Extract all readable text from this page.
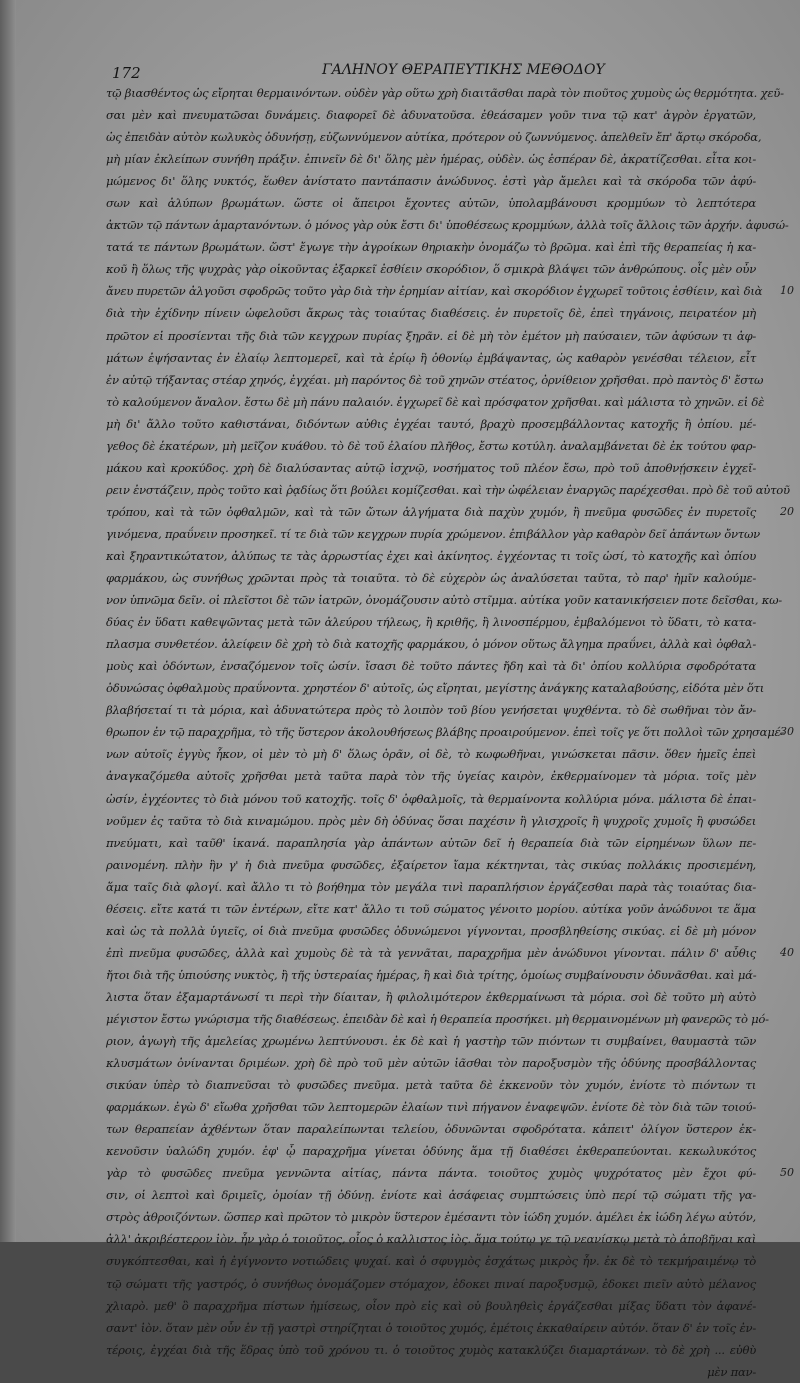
172	ΓΑΛΗΝΟΥ ΘΕΡΑΠΕΥΤΙΚΗΣ ΜΕΘΟΔΟΥ
τῷ βιασθέντος ὡς εἴρηται θερμαινόντων. οὐδὲν γὰρ οὕτω χρὴ διαιτᾶσθαι παρὰ τὸν πιοῦτος χυμοὺς ὡς θερμότητα. χεῦ-
σαι μὲν καὶ πνευματῶσαι δυνάμεις. διαφορεῖ δὲ ἀδυνατοῦσα. ἐθεάσαμεν γοῦν τινα τῷ κατ' ἀγρὸν ἐργατῶν,
ὡς ἐπειδὰν αὐτὸν κωλυκὸς ὀδυνήσῃ, εὐζωννύμενον αὐτίκα, πρότερον οὐ ζωννύμενος. ἀπελθεῖν ἔπ' ἄρτῳ σκόροδα,
μὴ μίαν ἐκλείπων συνήθη πράξιν. ἐπινεῖν δὲ δι' ὅλης μὲν ἡμέρας, οὐδὲν. ὡς ἐσπέραν δὲ, ἀκρατίζεσθαι. εἶτα κοι-
μώμενος δι' ὅλης νυκτός, ἕωθεν ἀνίστατο παντάπασιν ἀνώδυνος. ἐστὶ γὰρ ἄμελει καὶ τὰ σκόροδα τῶν ἀφύ-
σων καὶ ἀλύπων βρωμάτων. ὥστε οἱ ἄπειροι ἔχοντες αὐτῶν, ὑπολαμβάνουσι κρομμύων τὸ λεπτότερα
ἀκτῶν τῷ πάντων ἁμαρτανόντων. ὁ μόνος γὰρ οὐκ ἔστι δι' ὑποθέσεως κρομμύων, ἀλλὰ τοῖς ἄλλοις τῶν ἀρχήν. ἀφυσώ-
τατά τε πάντων βρωμάτων. ὥστ' ἔγωγε τὴν ἀγροίκων θηριακὴν ὀνομάζω τὸ βρῶμα. καὶ ἐπὶ τῆς θεραπείας ἡ κα-
κοῦ ἢ ὅλως τῆς ψυχρὰς γὰρ οἰκοῦντας ἐξαρκεῖ ἐσθίειν σκορόδιον, ὅ σμικρὰ βλάψει τῶν ἀνθρώπους. οἷς μὲν οὖν
ἄνευ πυρετῶν ἀλγοῦσι σφοδρῶς τοῦτο γὰρ διὰ τὴν ἐρημίαν αἰτίαν, καὶ σκορόδιον ἐγχωρεῖ τοῦτοις ἐσθίειν, καὶ διὰ
διὰ τὴν ἐχίδνην πίνειν ὠφελοῦσι ἄκρως τὰς τοιαύτας διαθέσεις. ἐν πυρετοῖς δὲ, ἐπεὶ τηγάνοις, πειρατέον μὴ
πρῶτον εἰ προσίενται τῆς διὰ τῶν κεγχρων πυρίας ξηρᾶν. εἰ δὲ μὴ τὸν ἐμέτον μὴ παύσαιεν, τῶν ἀφύσων τι ἀφ-
μάτων ἐψήσαντας ἐν ἐλαίῳ λεπτομερεῖ, καὶ τὰ ἐρίῳ ἢ ὀθονίῳ ἐμβάψαντας, ὡς καθαρὸν γενέσθαι τέλειον, εἶτ
ἐν αὐτῷ τήξαντας στέαρ χηνός, ἐγχέαι. μὴ παρόντος δὲ τοῦ χηνῶν στέατος, ὀρνίθειον χρῆσθαι. πρὸ παντὸς δ' ἔστω
τὸ καλούμενον ἄναλον. ἔστω δὲ μὴ πάνυ παλαιόν. ἐγχωρεῖ δὲ καὶ πρόσφατον χρῆσθαι. καὶ μάλιστα τὸ χηνῶν. εἰ δὲ
μὴ δι' ἄλλο τοῦτο καθιστάναι, διδόντων αὐθις ἐγχέαι ταυτό, βραχὺ προσεμβάλλοντας κατοχῆς ἢ ὀπίου. μέ-
γεθος δὲ ἑκατέρων, μὴ μεῖζον κυάθου. τὸ δὲ τοῦ ἐλαίου πλῆθος, ἔστω κοτύλη. ἀναλαμβάνεται δὲ ἐκ τούτου φαρ-
μάκου καὶ κροκύδος. χρὴ δὲ διαλύσαντας αὐτῷ ἰσχνῷ, νοσήματος τοῦ πλέον ἔσω, πρὸ τοῦ ἀποθνῄσκειν ἐγχεῖ-
ρειν ἐνστάζειν, πρὸς τοῦτο καὶ ῥᾳδίως ὅτι βούλει κομίζεσθαι. καὶ τὴν ὠφέλειαν ἐναργῶς παρέχεσθαι. πρὸ δὲ τοῦ αὐτοῦ
τρόπου, καὶ τὰ τῶν ὀφθαλμῶν, καὶ τὰ τῶν ὤτων ἀλγήματα διὰ παχὺν χυμόν, ἢ πνεῦμα φυσῶδες ἐν πυρετοῖς
γινόμενα, πραΰνειν προσηκεῖ. τί τε διὰ τῶν κεγχρων πυρία χρώμενον. ἐπιβάλλον γὰρ καθαρὸν δεῖ ἀπάντων ὄντων
καὶ ξηραντικώτατον, ἀλύπως τε τὰς ἀρρωστίας ἐχει καὶ ἀκίνητος. ἐγχέοντας τι τοῖς ὠσί, τὸ κατοχῆς καὶ ὀπίου
φαρμάκου, ὡς συνήθως χρῶνται πρὸς τὰ τοιαῦτα. τὸ δὲ εὐχερὸν ὡς ἀναλύσεται ταῦτα, τὸ παρ' ἡμῖν καλούμε-
νον ὑπνῶμα δεῖν. οἱ πλεῖστοι δὲ τῶν ἰατρῶν, ὀνομάζουσιν αὐτὸ στῖμμα. αὐτίκα γοῦν κατανικήσειεν ποτε δεῖσθαι, κω-
δύας ἐν ὕδατι καθεψῶντας μετὰ τῶν ἀλεύρου τήλεως, ἢ κριθῆς, ἢ λινοσπέρμου, ἐμβαλόμενοι τὸ ὕδατι, τὸ κατα-
πλασμα συνθετέον. ἀλείφειν δὲ χρὴ τὸ διὰ κατοχῆς φαρμάκου, ὁ μόνον οὕτως ἄλγημα πραΰνει, ἀλλὰ καὶ ὀφθαλ-
μοὺς καὶ ὀδόντων, ἐνσαζόμενον τοῖς ὠσίν. ἴσασι δὲ τοῦτο πάντες ἤδη καὶ τὰ δι' ὀπίου κολλύρια σφοδρότατα
ὀδυνώσας ὀφθαλμοὺς πραΰνοντα. χρηστέον δ' αὐτοῖς, ὡς εἴρηται, μεγίστης ἀνάγκης καταλαβούσης, εἰδότα μὲν ὅτι
βλαβήσεταί τι τὰ μόρια, καὶ ἀδυνατώτερα πρὸς τὸ λοιπὸν τοῦ βίου γενήσεται ψυχθέντα. τὸ δὲ σωθῆναι τὸν ἄν-
θρωπον ἐν τῷ παραχρῆμα, τὸ τῆς ὕστερον ἀκολουθήσεως βλάβης προαιρούμενον. ἐπεὶ τοῖς γε ὅτι πολλοὶ τῶν χρησαμέ-
νων αὐτοῖς ἐγγὺς ἧκον, οἱ μὲν τὸ μὴ δ' ὅλως ὁρᾶν, οἱ δὲ, τὸ κωφωθῆναι, γινώσκεται πᾶσιν. ὅθεν ἡμεῖς ἐπεὶ
ἀναγκαζόμεθα αὐτοῖς χρῆσθαι μετὰ ταῦτα παρὰ τὸν τῆς ὑγείας καιρὸν, ἐκθερμαίνομεν τὰ μόρια. τοῖς μὲν
ὠσίν, ἐγχέοντες τὸ διὰ μόνου τοῦ κατοχῆς. τοῖς δ' ὀφθαλμοῖς, τὰ θερμαίνοντα κολλύρια μόνα. μάλιστα δὲ ἐπαι-
νοῦμεν ἐς ταῦτα τὸ διὰ κιναμώμου. πρὸς μὲν δὴ ὀδύνας ὅσαι παχέσιν ἢ γλισχροῖς ἢ ψυχροῖς χυμοῖς ἢ φυσώδει
πνεύματι, καὶ ταῦθ' ἱκανά. παραπλησία γὰρ ἁπάντων αὐτῶν δεῖ ἡ θεραπεία διὰ τῶν εἰρημένων ὕλων πε-
ραινομένη. πλὴν ἣν γ' ἡ διὰ πνεῦμα φυσῶδες, ἐξαίρετον ἴαμα κέκτηνται, τὰς σικύας πολλάκις προσιεμένη,
ἅμα ταῖς διὰ φλογί. καὶ ἄλλο τι τὸ βοήθημα τὸν μεγάλα τινὶ παραπλήσιον ἐργάζεσθαι παρὰ τὰς τοιαύτας δια-
θέσεις. εἴτε κατά τι τῶν ἐντέρων, εἴτε κατ' ἄλλο τι τοῦ σώματος γένοιτο μορίου. αὐτίκα γοῦν ἀνώδυνοι τε ἅμα
καὶ ὡς τὰ πολλὰ ὑγιεῖς, οἱ διὰ πνεῦμα φυσῶδες ὀδυνώμενοι γίγνονται, προσβληθείσης σικύας. εἰ δὲ μὴ μόνον
ἐπὶ πνεῦμα φυσῶδες, ἀλλὰ καὶ χυμοὺς δὲ τὰ τὰ γεννᾶται, παραχρῆμα μὲν ἀνώδυνοι γίνονται. πάλιν δ' αὖθις
ἤτοι διὰ τῆς ὑπιούσης νυκτὸς, ἢ τῆς ὑστεραίας ἡμέρας, ἢ καὶ διὰ τρίτης, ὁμοίως συμβαίνουσιν ὀδυνᾶσθαι. καὶ μά-
λιστα ὅταν ἐξαμαρτάνωσί τι περὶ τὴν δίαιταν, ἢ φιλολιμότερον ἐκθερμαίνωσι τὰ μόρια. σοὶ δὲ τοῦτο μὴ αὐτὸ
μέγιστον ἔστω γνώρισμα τῆς διαθέσεως. ἐπειδὰν δὲ καὶ ἡ θεραπεία προσήκει. μὴ θερμαινομένων μὴ φανερῶς τὸ μό-
ριον, ἀγωγὴ τῆς ἀμελείας χρωμένω λεπτύνουσι. ἐκ δὲ καὶ ἡ γαστὴρ τῶν πιόντων τι συμβαίνει, θαυμαστὰ τῶν
κλυσμάτων ὀνίνανται δριμέων. χρὴ δὲ πρὸ τοῦ μὲν αὐτῶν ἰᾶσθαι τὸν παροξυσμὸν τῆς ὀδύνης προσβάλλοντας
σικύαν ὑπὲρ τὸ διαπνεῦσαι τὸ φυσῶδες πνεῦμα. μετὰ ταῦτα δὲ ἐκκενοῦν τὸν χυμόν, ἐνίοτε τὸ πιόντων τι
φαρμάκων. ἐγὼ δ' εἴωθα χρῆσθαι τῶν λεπτομερῶν ἐλαίων τινὶ πήγανον ἐναφεψῶν. ἐνίοτε δὲ τὸν διὰ τῶν τοιού-
των θεραπείαν ἀχθέντων ὅταν παραλείπωνται τελείου, ὀδυνῶνται σφοδρότατα. κἀπειτ' ὀλίγον ὕστερον ἐκ-
κενοῦσιν ὑαλώδη χυμόν. ἐφ' ᾧ παραχρῆμα γίνεται ὀδύνης ἅμα τῇ διαθέσει ἐκθεραπεύονται. κεκωλυκότος
γὰρ τὸ φυσῶδες πνεῦμα γεννῶντα αἰτίας, πάντα πάντα. τοιοῦτος χυμὸς ψυχρότατος μὲν ἔχοι φύ-
σιν, οἱ λεπτοὶ καὶ δριμεῖς, ὁμοίαν τῇ ὀδύνῃ. ἐνίοτε καὶ ἀσάφειας συμπτώσεις ὑπὸ περί τῷ σώματι τῆς γα-
στρὸς ἀθροιζόντων. ὥσπερ καὶ πρῶτον τὸ μικρὸν ὕστερον ἐμέσαντι τὸν ἰώδη χυμόν. ἀμέλει ἐκ ἰώδη λέγω αὐτόν,
ἀλλ' ἀκριβέστερον ἰὸν. ἦν γὰρ ὁ τοιοῦτος, οἷος ὁ καλλιστος ἰὸς. ἅμα τούτῳ γε τῷ νεανίσκῳ μετὰ τὸ ἀποβῆναι καὶ
συγκόπτεσθαι, καὶ ἡ ἐγίγνοντο νοτιώδεις ψυχαί. καὶ ὁ σφυγμὸς ἐσχάτως μικρὸς ἦν. ἐκ δὲ τὸ τεκμήραιμένῳ τὸ
τῷ σώματι τῆς γαστρός, ὁ συνήθως ὀνομάζομεν στόμαχον, ἐδοκει πιναί παροξυσμῷ, ἐδοκει πιεῖν αὐτὸ μέλανος
χλιαρὸ. μεθ' ὃ παραχρῆμα πίστων ἡμίσεως, οἷον πρὸ εἰς καὶ οὐ βουληθεὶς ἐργάζεσθαι μίξας ὕδατι τὸν ἀφανέ-
σαντ' ἰὸν. ὅταν μὲν οὖν ἐν τῇ γαστρὶ στηρίζηται ὁ τοιοῦτος χυμός, ἐμέτοις ἐκκαθαίρειν αὐτόν. ὅταν δ' ἐν τοῖς ἐν-
τέροις, ἐγχέαι διὰ τῆς ἕδρας ὑπὸ τοῦ χρόνου τι. ὁ τοιοῦτος χυμὸς κατακλύζει διαμαρτάνων. τὸ δὲ χρὴ ... εὐθὺ
μὲν παν-
10
20
30
40
50
